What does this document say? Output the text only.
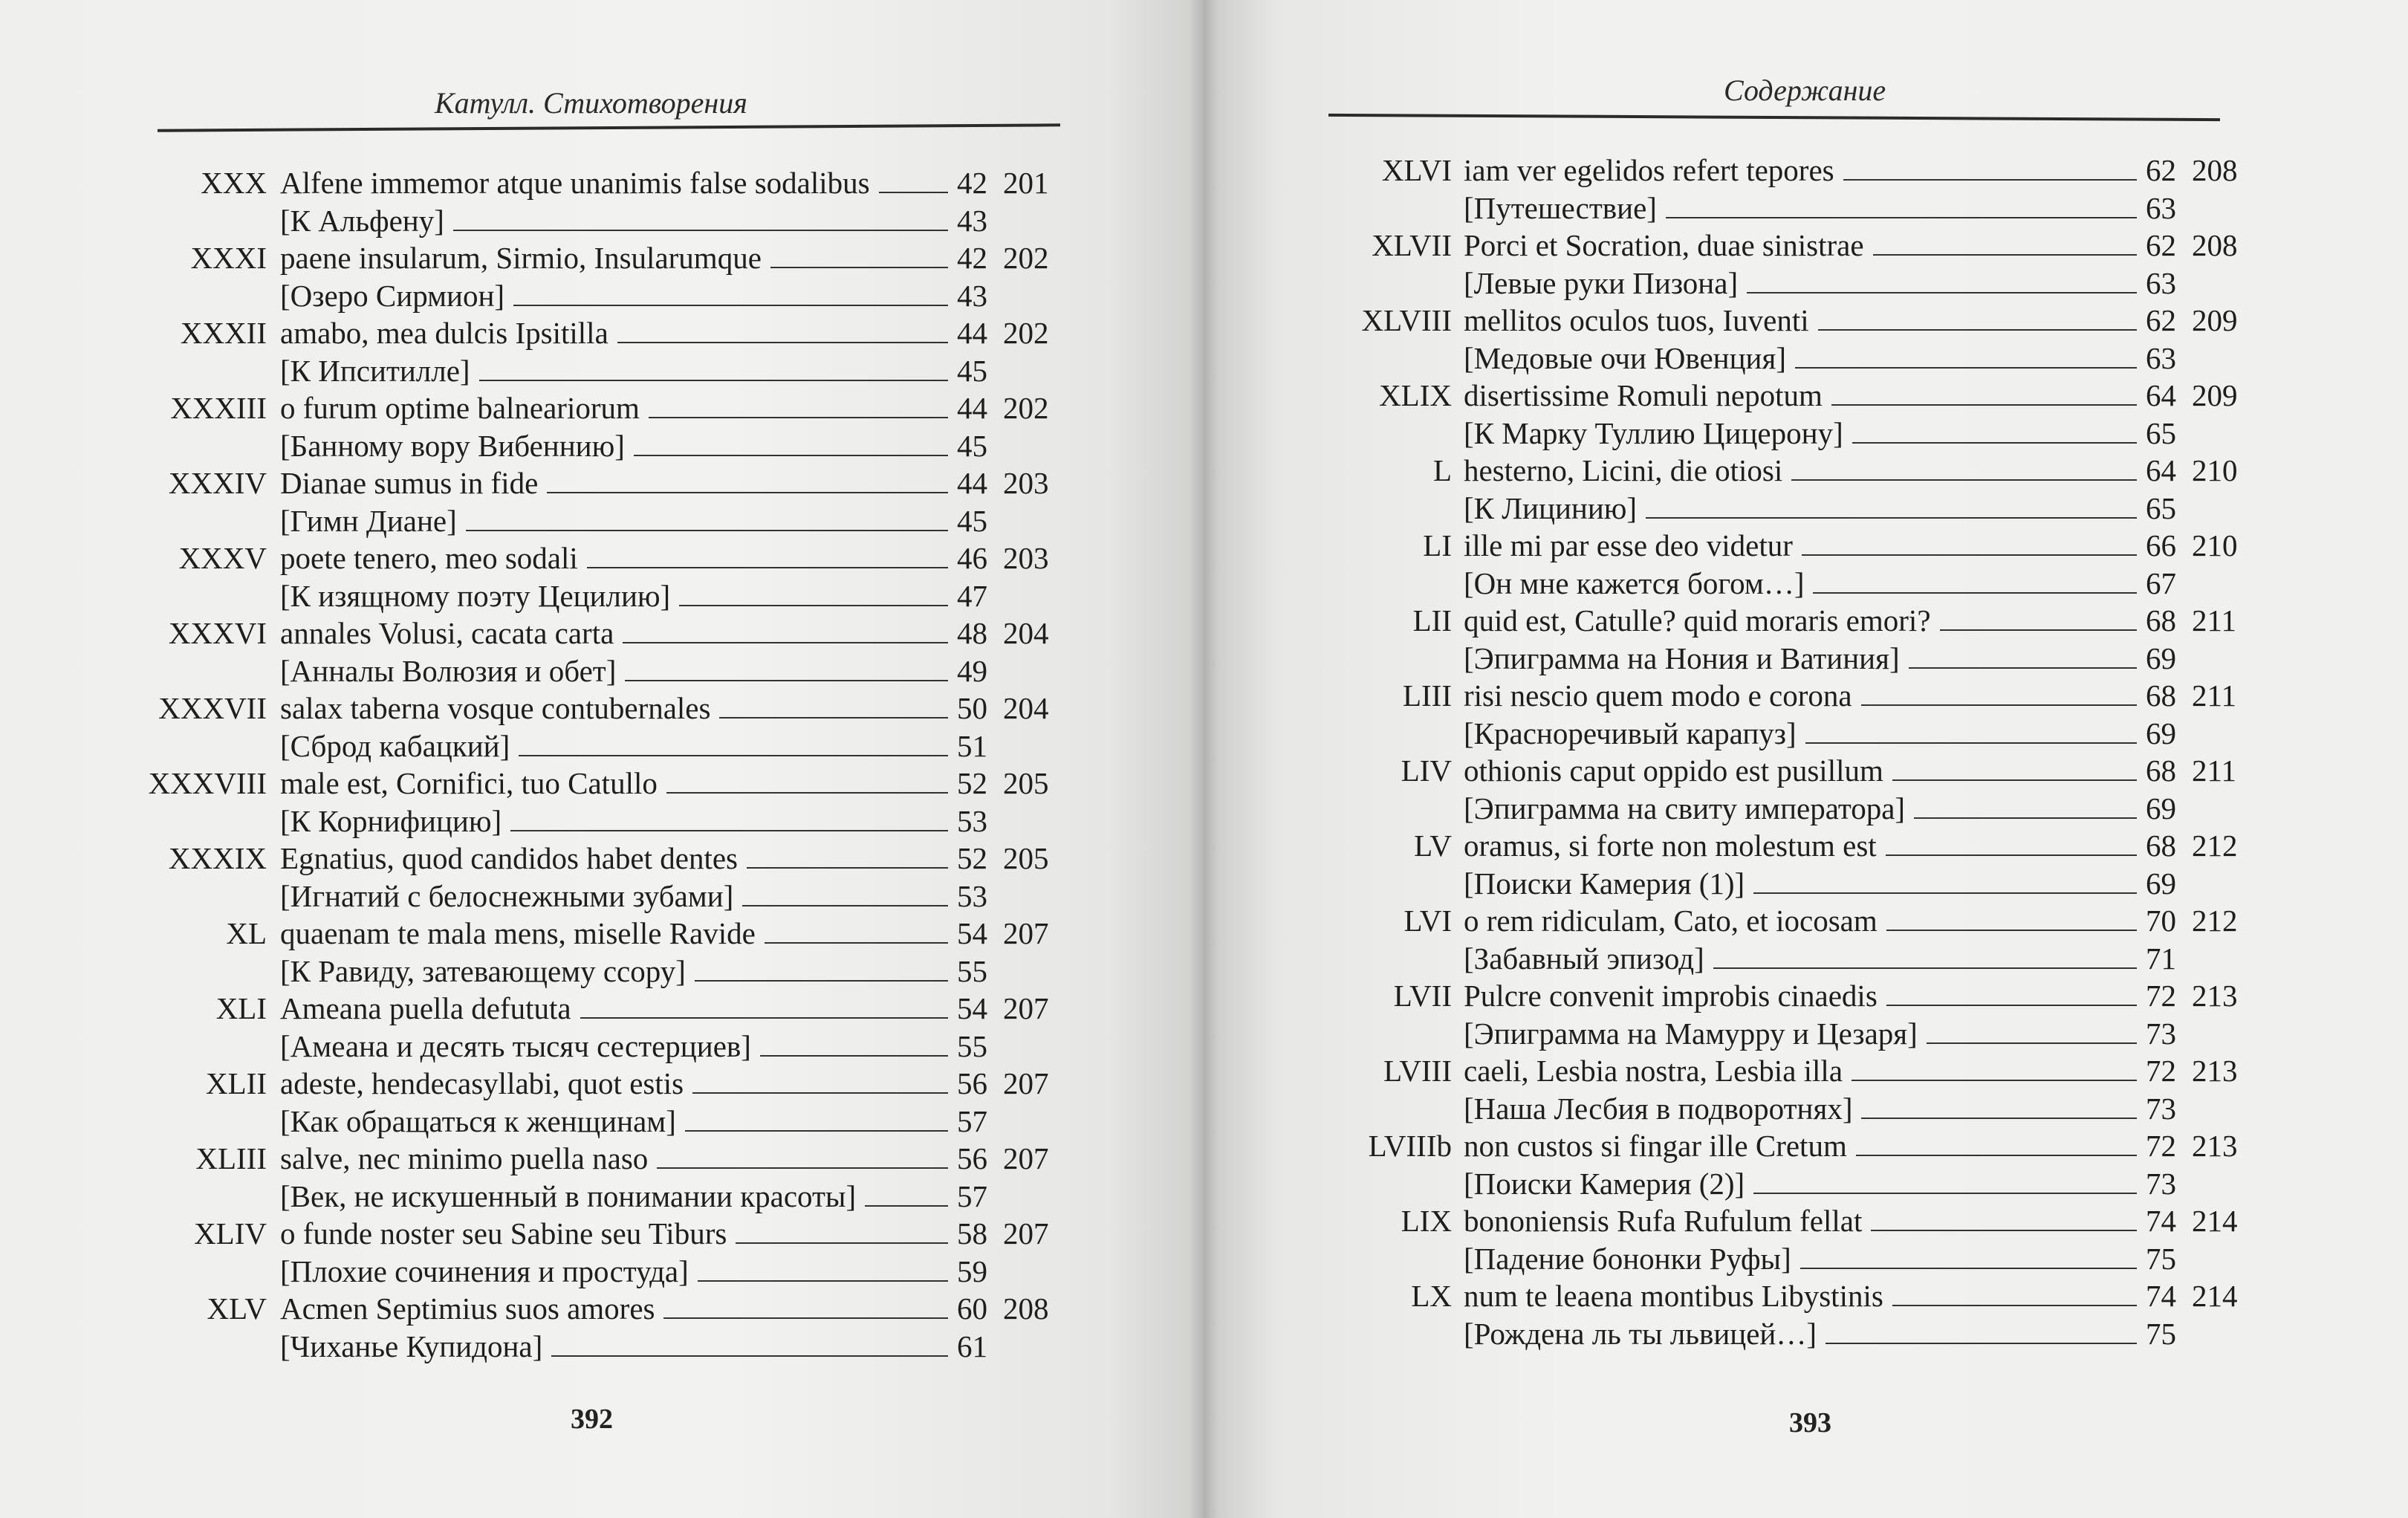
Катулл. Стихотворения
XXX Alfene immemor atque unanimis false sodalibus	42 201
[К Альфену]	43
XXXI paene insularum, Sirmio, Insularumque	42 202
[Озеро Сирмион]	43
XXXII amabo, mea dulcis Ipsitilla	44 202
[К Ипситилле]	45
XXXIII o furum optime balneariorum	44 202
[Банному вору Вибеннию]	45
XXXIV Dianae sumus in fide	44 203
[Гимн Диане]	45
XXXV poete tenero, meo sodali	46 203
[К изящному поэту Цецилию]	47
XXXVI annales Volusi, cacata carta	48 204
[Анналы Волюзия и обет]	49
XXXVII salax taberna vosque contubernales	50 204
[Сброд кабацкий]	51
XXXVIII male est, Cornifici, tuo Catullo	52 205
[К Корнифицию]	53
XXXIX Egnatius, quod candidos habet dentes	52 205
[Игнатий с белоснежными зубами]	53
XL quaenam te mala mens, miselle Ravide	54 207
[К Равиду, затевающему ссору]	55
XLI Ameana puella defututa	54 207
[Амеана и десять тысяч сестерциев]	55
XLII adeste, hendecasyllabi, quot estis	56 207
[Как обращаться к женщинам]	57
XLIII salve, nec minimo puella naso	56 207
[Век, не искушенный в понимании красоты]	57
XLIV o funde noster seu Sabine seu Tiburs	58 207
[Плохие сочинения и простуда]	59
XLV Acmen Septimius suos amores	60 208
[Чиханье Купидона]	61
392
Содержание
XLVI iam ver egelidos refert tepores	62 208
[Путешествие]	63
XLVII Porci et Socration, duae sinistrae	62 208
[Левые руки Пизона]	63
XLVIII mellitos oculos tuos, Iuventi	62 209
[Медовые очи Ювенция]	63
XLIX disertissime Romuli nepotum	64 209
[К Марку Туллию Цицерону]	65
L hesterno, Licini, die otiosi	64 210
[К Лицинию]	65
LI ille mi par esse deo videtur	66 210
[Он мне кажется богом…]	67
LII quid est, Catulle? quid moraris emori?	68 211
[Эпиграмма на Нония и Ватиния]	69
LIII risi nescio quem modo e corona	68 211
[Красноречивый карапуз]	69
LIV othionis caput oppido est pusillum	68 211
[Эпиграмма на свиту императора]	69
LV oramus, si forte non molestum est	68 212
[Поиски Камерия (1)]	69
LVI o rem ridiculam, Cato, et iocosam	70 212
[Забавный эпизод]	71
LVII Pulcre convenit improbis cinaedis	72 213
[Эпиграмма на Мамурру и Цезаря]	73
LVIII caeli, Lesbia nostra, Lesbia illa	72 213
[Наша Лесбия в подворотнях]	73
LVIIIb non custos si fingar ille Cretum	72 213
[Поиски Камерия (2)]	73
LIX bononiensis Rufa Rufulum fellat	74 214
[Падение бононки Руфы]	75
LX num te leaena montibus Libystinis	74 214
[Рождена ль ты львицей…]	75
393
